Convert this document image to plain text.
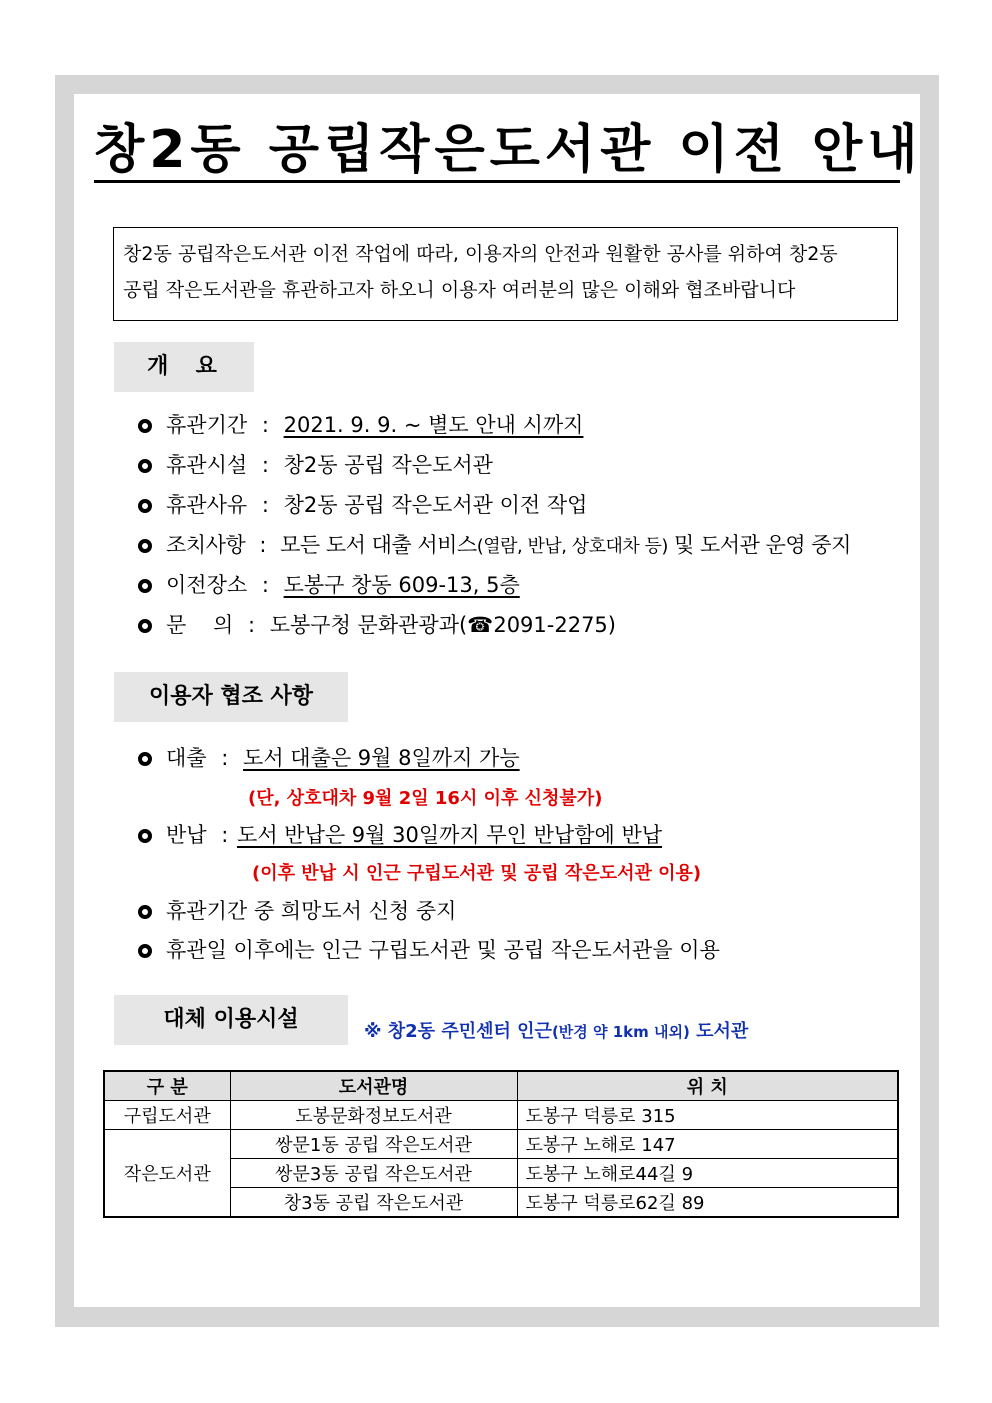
창2동 공립작은도서관 이전 안내
창2동 공립작은도서관 이전 작업에 따라, 이용자의 안전과 원활한 공사를 위하여 창2동
공립 작은도서관을 휴관하고자 하오니 이용자 여러분의 많은 이해와 협조바랍니다
개  요
휴관기간 : 2021. 9. 9. ~ 별도 안내 시까지
휴관시설 : 창2동 공립 작은도서관
휴관사유 : 창2동 공립 작은도서관 이전 작업
조치사항 : 모든 도서 대출 서비스(열람, 반납, 상호대차 등) 및 도서관 운영 중지
이전장소 : 도봉구 창동 609-13, 5층
문    의 : 도봉구청 문화관광과(☎2091-2275)
이용자 협조 사항
대출 : 도서 대출은 9월 8일까지 가능
(단, 상호대차 9월 2일 16시 이후 신청불가)
반납 : 도서 반납은 9월 30일까지 무인 반납함에 반납
(이후 반납 시 인근 구립도서관 및 공립 작은도서관 이용)
휴관기간 중 희망도서 신청 중지
휴관일 이후에는 인근 구립도서관 및 공립 작은도서관을 이용
대체 이용시설	※ 창2동 주민센터 인근(반경 약 1km 내외) 도서관
구 분	도서관명	위 치
구립도서관	도봉문화정보도서관	도봉구 덕릉로 315
작은도서관	쌍문1동 공립 작은도서관	도봉구 노해로 147
	쌍문3동 공립 작은도서관	도봉구 노해로44길 9
	창3동 공립 작은도서관	도봉구 덕릉로62길 89
